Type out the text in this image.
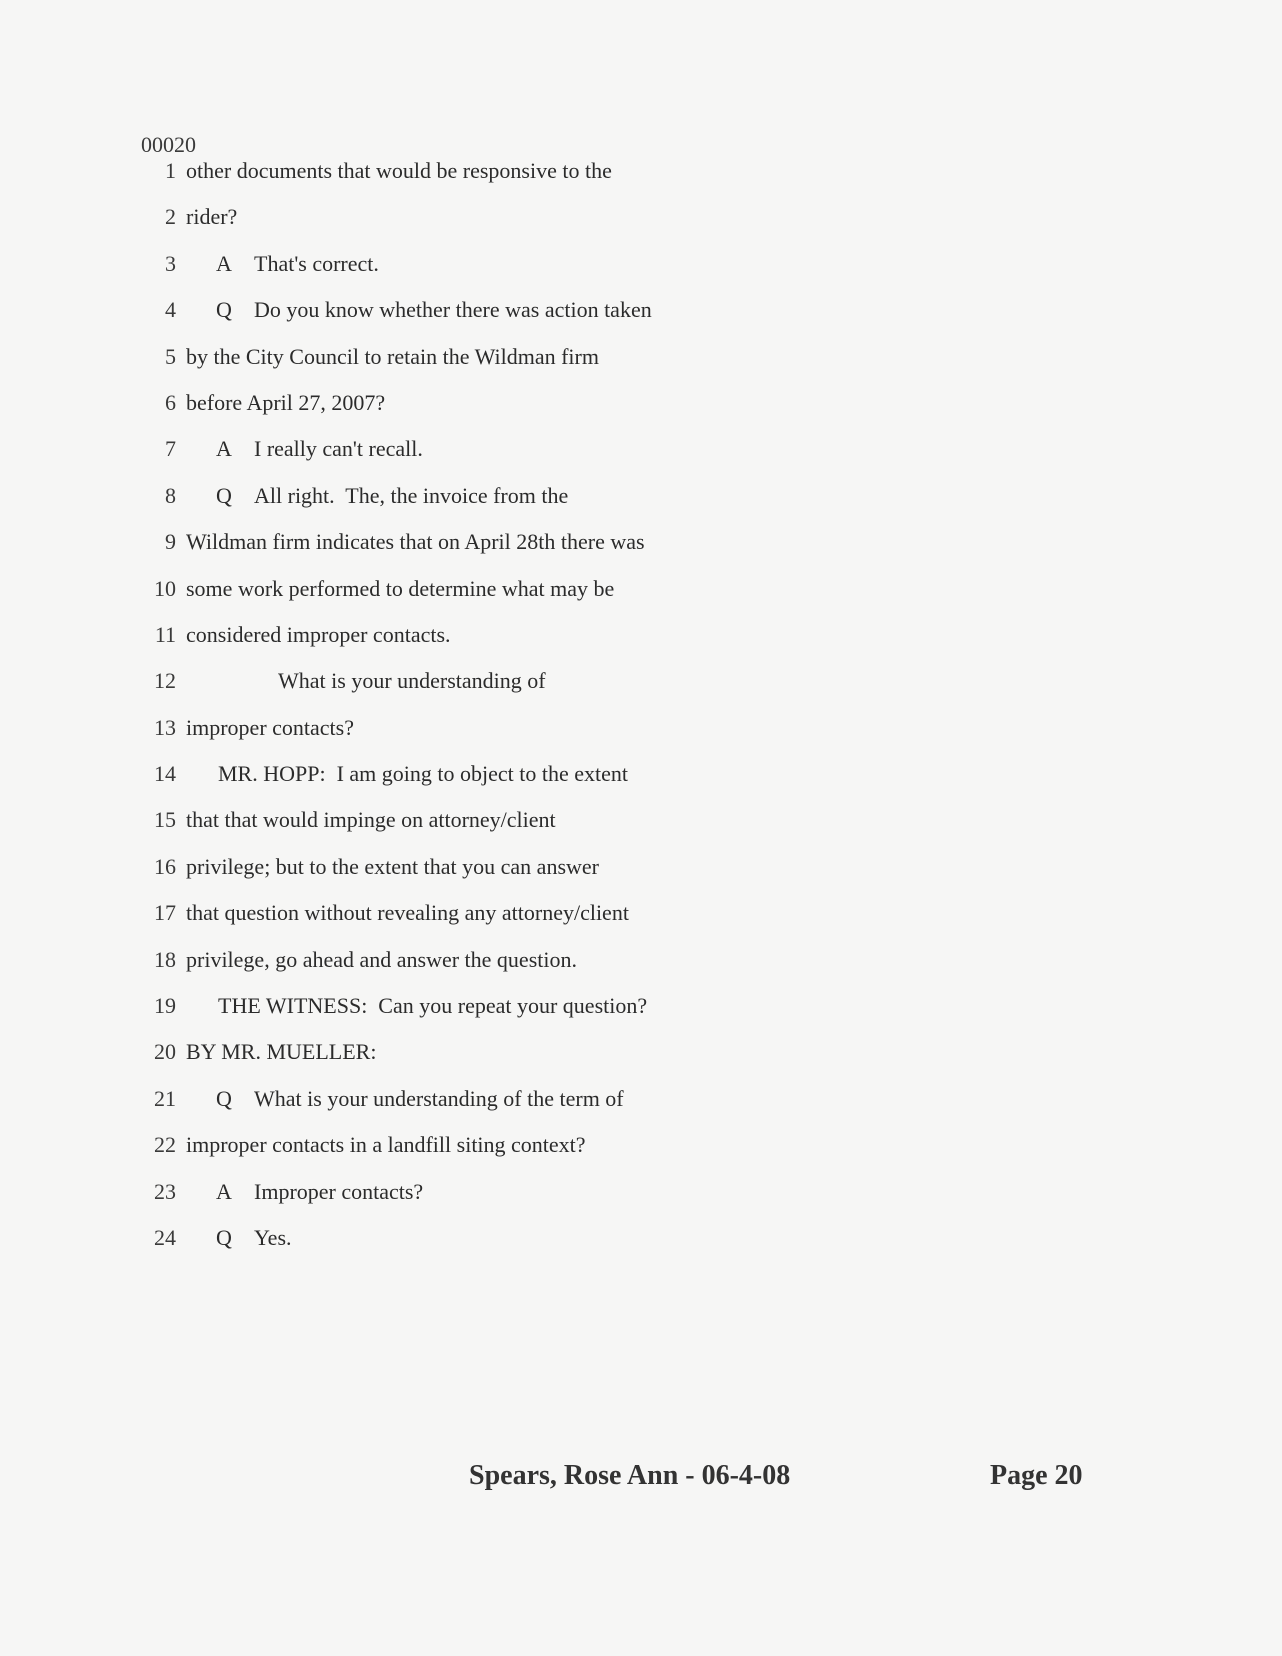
00020
1 other documents that would be responsive to the
2 rider?
3 A That's correct.
4 Q Do you know whether there was action taken
5 by the City Council to retain the Wildman firm
6 before April 27, 2007?
7 A I really can't recall.
8 Q All right.  The, the invoice from the
9 Wildman firm indicates that on April 28th there was
10 some work performed to determine what may be
11 considered improper contacts.
12	What is your understanding of
13 improper contacts?
14 MR. HOPP:  I am going to object to the extent
15 that that would impinge on attorney/client
16 privilege; but to the extent that you can answer
17 that question without revealing any attorney/client
18 privilege, go ahead and answer the question.
19 THE WITNESS:  Can you repeat your question?
20 BY MR. MUELLER:
21 Q What is your understanding of the term of
22 improper contacts in a landfill siting context?
23 A Improper contacts?
24 Q Yes.
Spears, Rose Ann - 06-4-08	Page 20
